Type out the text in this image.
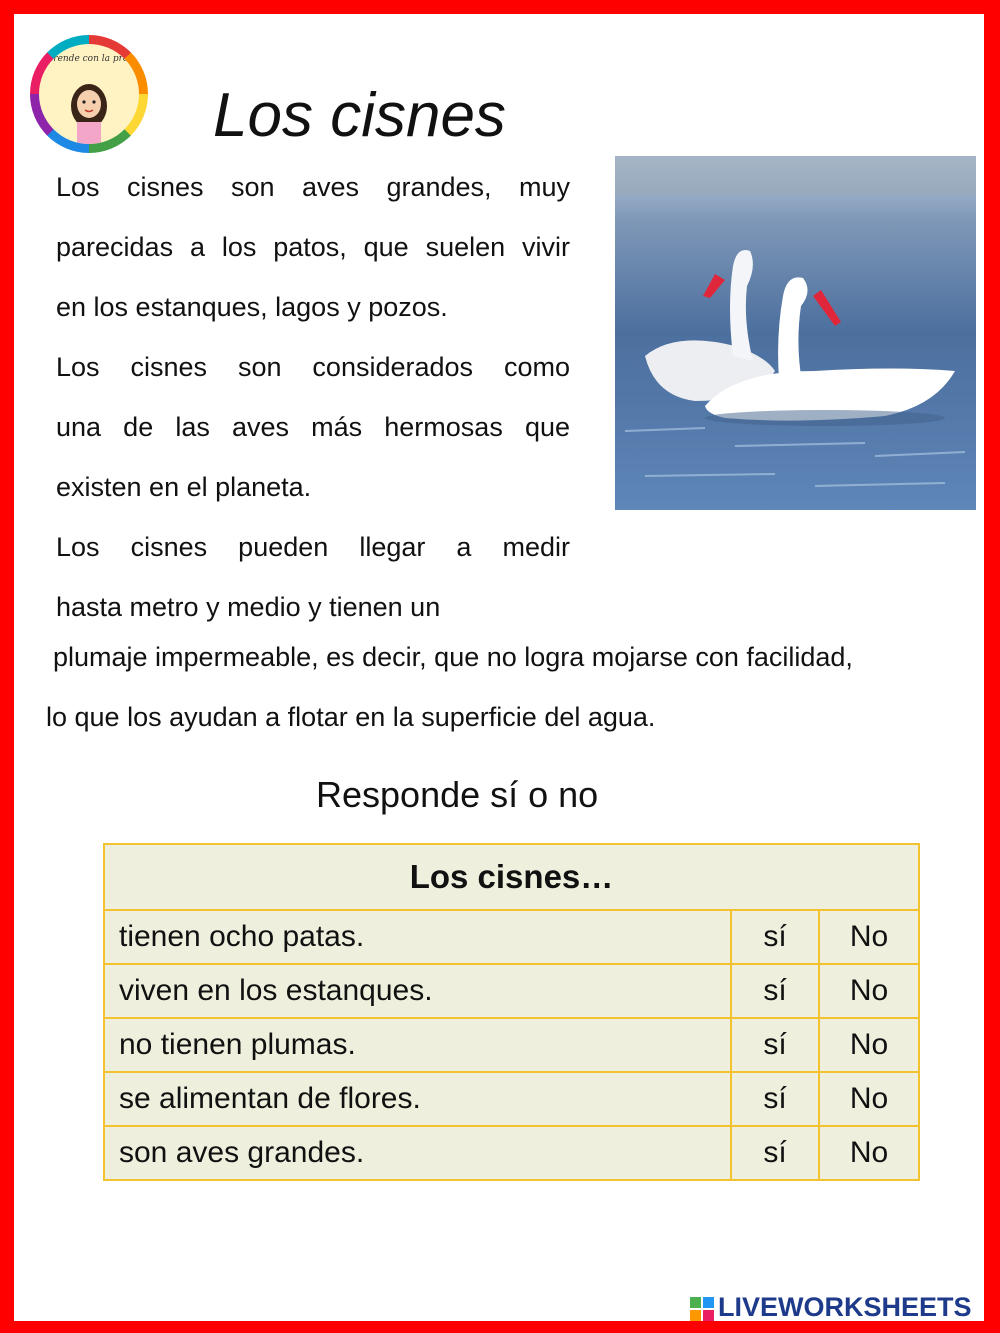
Aprende con la profe
Los cisnes
Los cisnes son aves grandes, muy
parecidas a los patos, que suelen vivir
en los estanques, lagos y pozos.
Los cisnes son considerados como
una de las aves más hermosas que
existen en el planeta.
Los cisnes pueden llegar a medir
hasta metro y medio y tienen un
plumaje impermeable, es decir, que no logra mojarse con facilidad,
lo que los ayudan a flotar en la superficie del agua.
Responde sí o no
Los cisnes…		
tienen ocho patas.	sí	No
viven en los estanques.	sí	No
no tienen plumas.	sí	No
se alimentan de flores.	sí	No
son aves grandes.	sí	No
LIVEWORKSHEETS
